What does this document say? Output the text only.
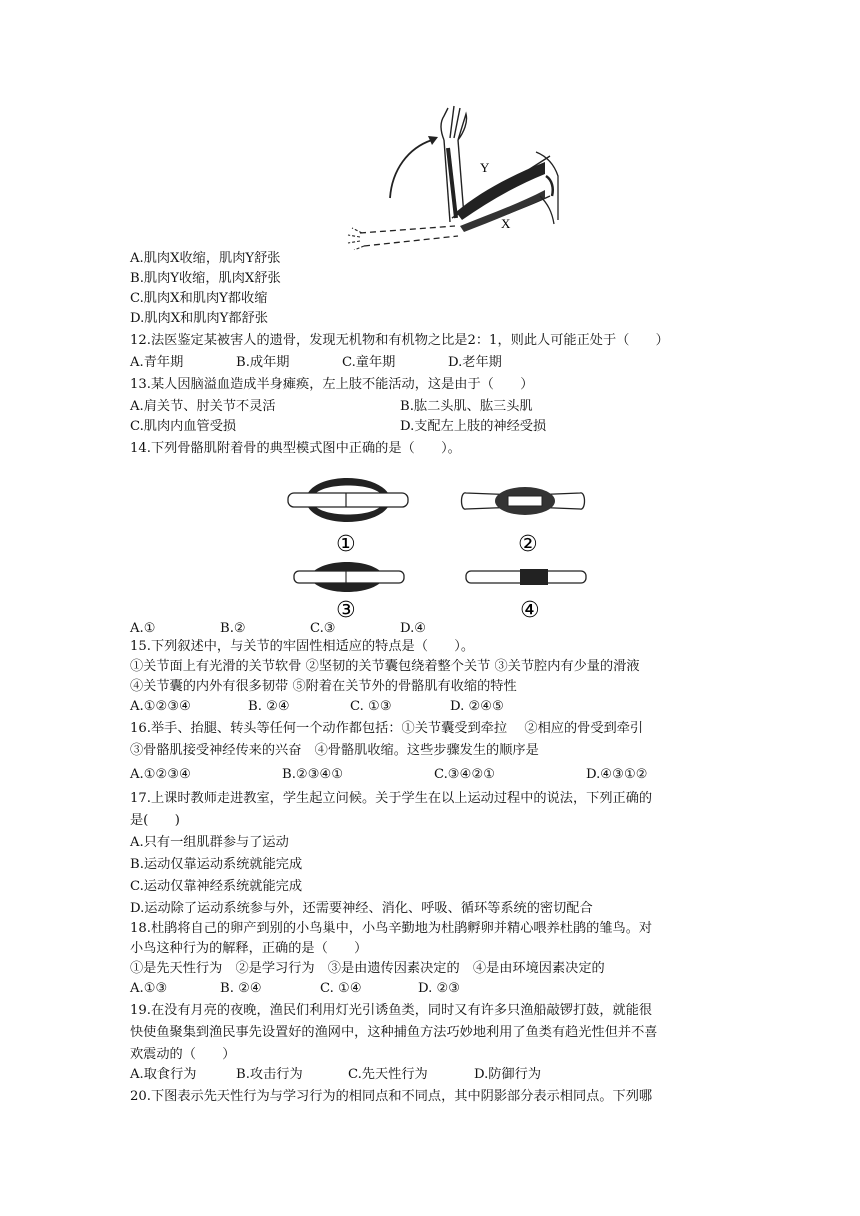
Y
X
A.肌肉X收缩，肌肉Y舒张
B.肌肉Y收缩，肌肉X舒张
C.肌肉X和肌肉Y都收缩
D.肌肉X和肌肉Y都舒张
12.法医鉴定某被害人的遗骨，发现无机物和有机物之比是2：1，则此人可能正处于（　　）
A.青年期	B.成年期	C.童年期	D.老年期
13.某人因脑溢血造成半身瘫痪，左上肢不能活动，这是由于（　　）
A.肩关节、肘关节不灵活	B.肱二头肌、肱三头肌
C.肌肉内血管受损	D.支配左上肢的神经受损
14.下列骨骼肌附着骨的典型模式图中正确的是（　　）。
①	②
③	④
A.①	B.②	C.③	D.④
15.下列叙述中，与关节的牢固性相适应的特点是（　　）。
①关节面上有光滑的关节软骨 ②坚韧的关节囊包绕着整个关节 ③关节腔内有少量的滑液
④关节囊的内外有很多韧带 ⑤附着在关节外的骨骼肌有收缩的特性
A.①②③④	B. ②④	C. ①③	D. ②④⑤
16.举手、抬腿、转头等任何一个动作都包括：①关节囊受到牵拉　 ②相应的骨受到牵引
③骨骼肌接受神经传来的兴奋　④骨骼肌收缩。这些步骤发生的顺序是
A.①②③④	B.②③④①	C.③④②①	D.④③①②
17.上课时教师走进教室，学生起立问候。关于学生在以上运动过程中的说法，下列正确的
是(　　)
A.只有一组肌群参与了运动
B.运动仅靠运动系统就能完成
C.运动仅靠神经系统就能完成
D.运动除了运动系统参与外，还需要神经、消化、呼吸、循环等系统的密切配合
18.杜鹃将自己的卵产到别的小鸟巢中，小鸟辛勤地为杜鹃孵卵并精心喂养杜鹃的雏鸟。对
小鸟这种行为的解释，正确的是（　　）
①是先天性行为　②是学习行为　③是由遗传因素决定的　④是由环境因素决定的
A.①③	B. ②④	C. ①④	D. ②③
19.在没有月亮的夜晚，渔民们利用灯光引诱鱼类，同时又有许多只渔船敲锣打鼓，就能很
快使鱼聚集到渔民事先设置好的渔网中，这种捕鱼方法巧妙地利用了鱼类有趋光性但并不喜
欢震动的（　　）
A.取食行为	B.攻击行为	C.先天性行为	D.防御行为
20.下图表示先天性行为与学习行为的相同点和不同点，其中阴影部分表示相同点。下列哪
